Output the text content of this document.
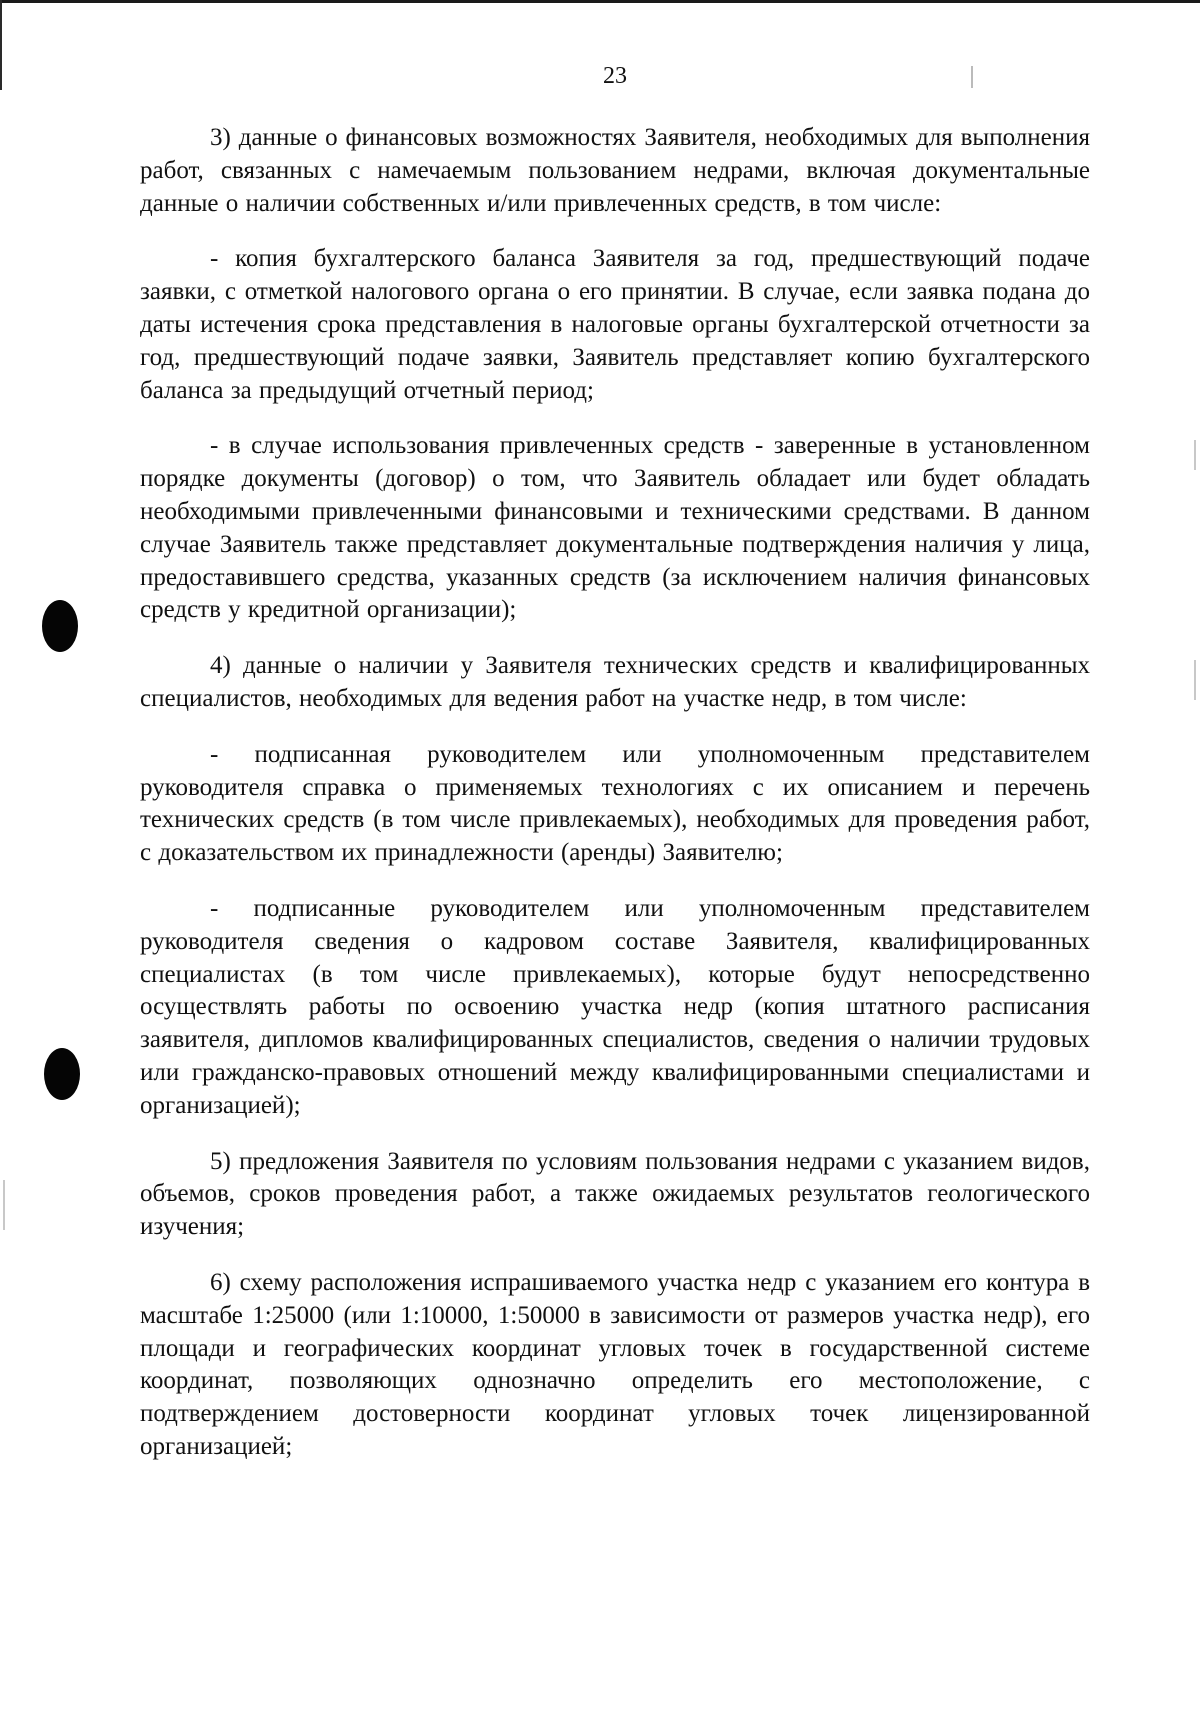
23

3) данные о финансовых возможностях Заявителя, необходимых для выполнения работ, связанных с намечаемым пользованием недрами, включая документальные данные о наличии собственных и/или привлеченных средств, в том числе:

- копия бухгалтерского баланса Заявителя за год, предшествующий подаче заявки, с отметкой налогового органа о его принятии. В случае, если заявка подана до даты истечения срока представления в налоговые органы бухгалтерской отчетности за год, предшествующий подаче заявки, Заявитель представляет копию бухгалтерского баланса за предыдущий отчетный период;

- в случае использования привлеченных средств - заверенные в установленном порядке документы (договор) о том, что Заявитель обладает или будет обладать необходимыми привлеченными финансовыми и техническими средствами. В данном случае Заявитель также представляет документальные подтверждения наличия у лица, предоставившего средства, указанных средств (за исключением наличия финансовых средств у кредитной организации);

4) данные о наличии у Заявителя технических средств и квалифицированных специалистов, необходимых для ведения работ на участке недр, в том числе:

- подписанная руководителем или уполномоченным представителем руководителя справка о применяемых технологиях с их описанием и перечень технических средств (в том числе привлекаемых), необходимых для проведения работ, с доказательством их принадлежности (аренды) Заявителю;

- подписанные руководителем или уполномоченным представителем руководителя сведения о кадровом составе Заявителя, квалифицированных специалистах (в том числе привлекаемых), которые будут непосредственно осуществлять работы по освоению участка недр (копия штатного расписания заявителя, дипломов квалифицированных специалистов, сведения о наличии трудовых или гражданско-правовых отношений между квалифицированными специалистами и организацией);

5) предложения Заявителя по условиям пользования недрами с указанием видов, объемов, сроков проведения работ, а также ожидаемых результатов геологического изучения;

6) схему расположения испрашиваемого участка недр с указанием его контура в масштабе 1:25000 (или 1:10000, 1:50000 в зависимости от размеров участка недр), его площади и географических координат угловых точек в государственной системе координат, позволяющих однозначно определить его местоположение, с подтверждением достоверности координат угловых точек лицензированной организацией;
